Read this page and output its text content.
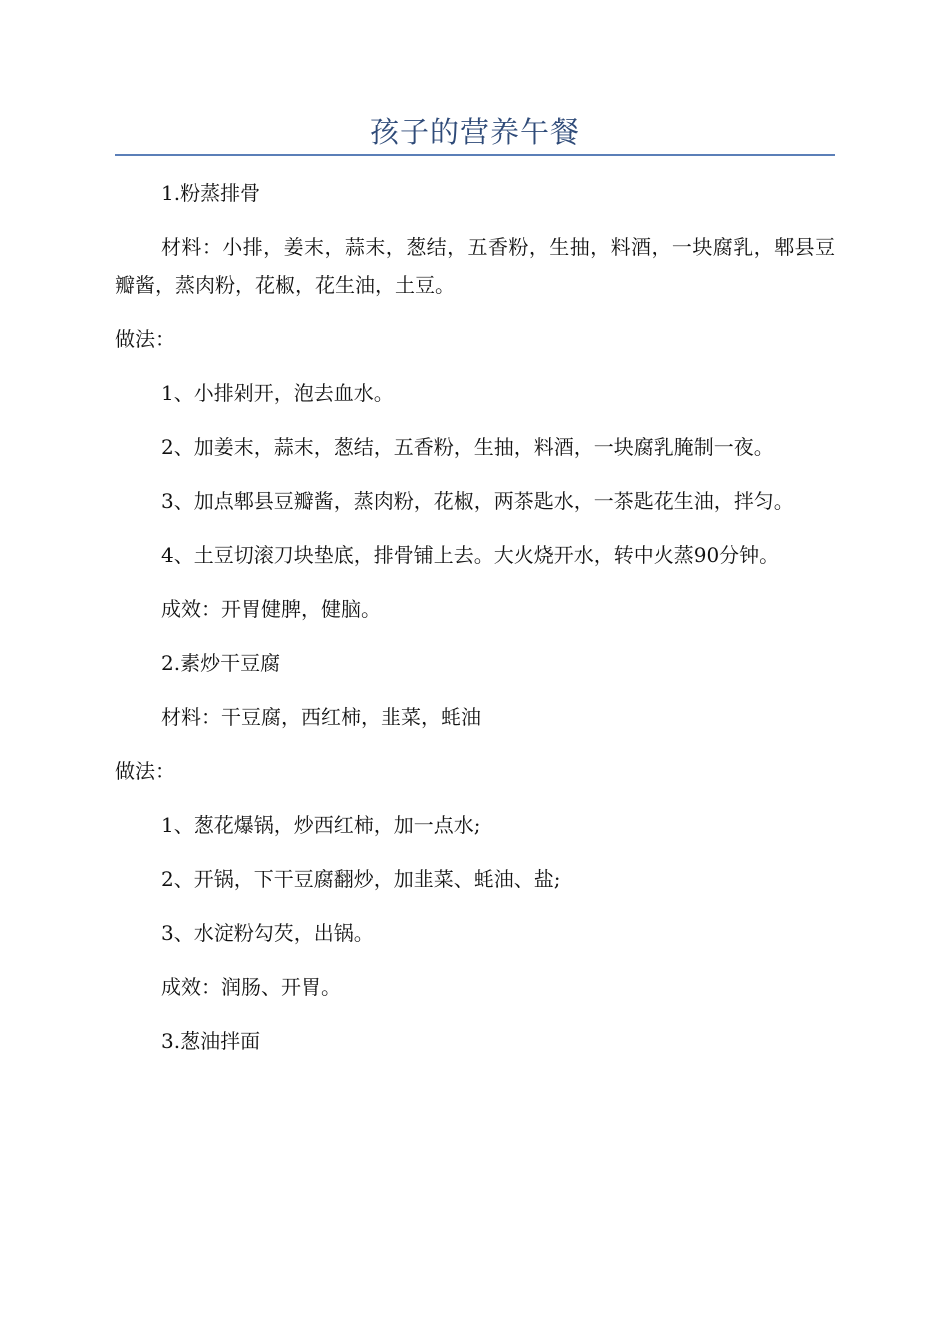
孩子的营养午餐

1.粉蒸排骨

材料：小排，姜末，蒜末，葱结，五香粉，生抽，料酒，一块腐乳，郫县豆瓣酱，蒸肉粉，花椒，花生油，土豆。

做法：

1、小排剁开，泡去血水。

2、加姜末，蒜末，葱结，五香粉，生抽，料酒，一块腐乳腌制一夜。

3、加点郫县豆瓣酱，蒸肉粉，花椒，两茶匙水，一茶匙花生油，拌匀。

4、土豆切滚刀块垫底，排骨铺上去。大火烧开水，转中火蒸90分钟。

成效：开胃健脾，健脑。

2.素炒干豆腐

材料：干豆腐，西红柿，韭菜，蚝油

做法：

1、葱花爆锅，炒西红柿，加一点水;

2、开锅，下干豆腐翻炒，加韭菜、蚝油、盐;

3、水淀粉勾芡，出锅。

成效：润肠、开胃。

3.葱油拌面
